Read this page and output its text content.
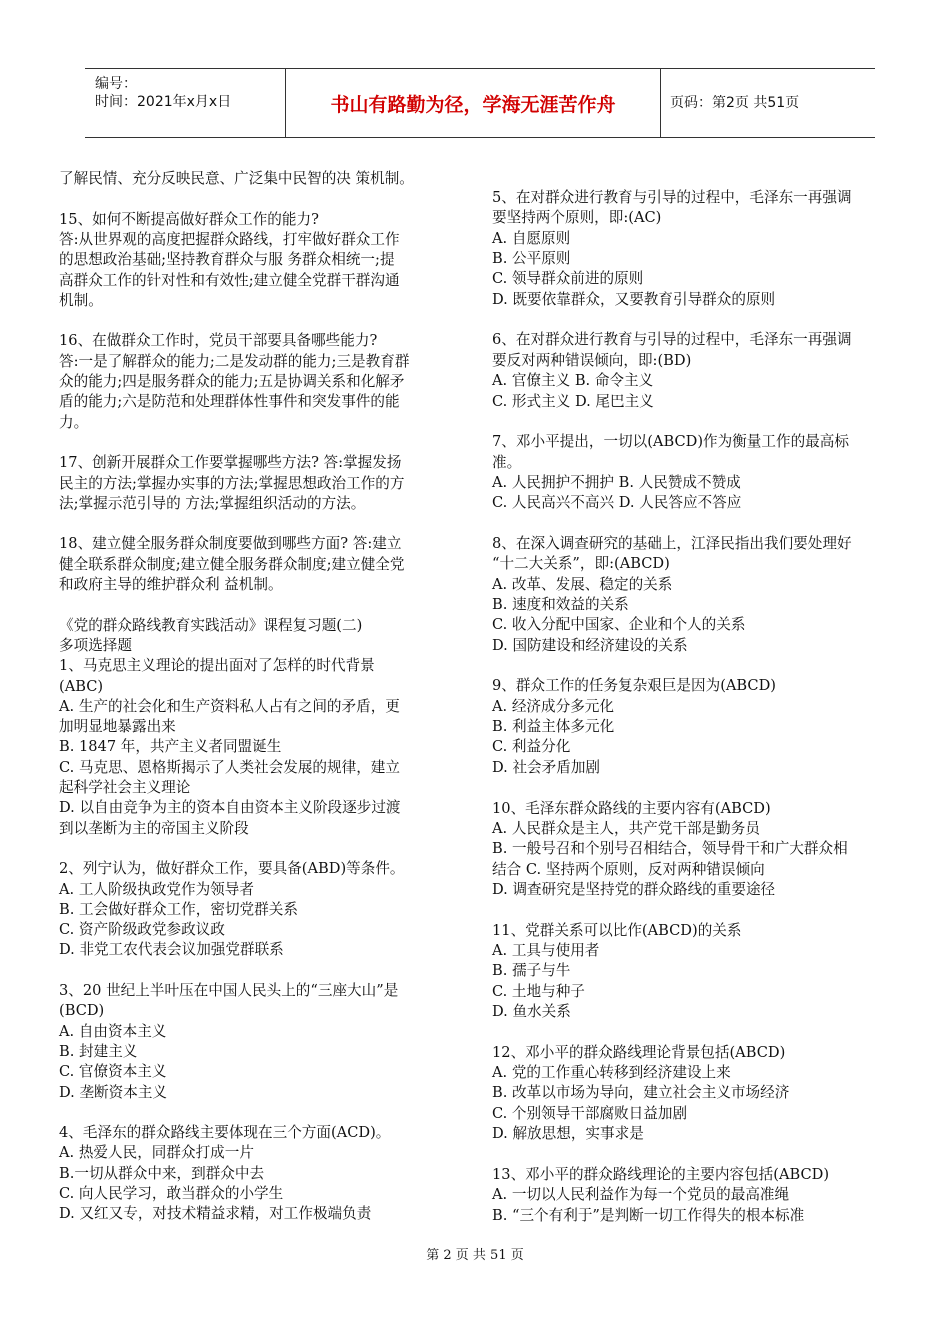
编号：
时间：2021年x月x日	书山有路勤为径，学海无涯苦作舟	页码：第2页 共51页
了解民情、充分反映民意、广泛集中民智的决 策机制。
15、如何不断提高做好群众工作的能力?
答:从世界观的高度把握群众路线，打牢做好群众工作
的思想政治基础;坚持教育群众与服 务群众相统一;提
高群众工作的针对性和有效性;建立健全党群干群沟通
机制。
16、在做群众工作时，党员干部要具备哪些能力?
答:一是了解群众的能力;二是发动群的能力;三是教育群
众的能力;四是服务群众的能力;五是协调关系和化解矛
盾的能力;六是防范和处理群体性事件和突发事件的能
力。
17、创新开展群众工作要掌握哪些方法? 答:掌握发扬
民主的方法;掌握办实事的方法;掌握思想政治工作的方
法;掌握示范引导的 方法;掌握组织活动的方法。
18、建立健全服务群众制度要做到哪些方面? 答:建立
健全联系群众制度;建立健全服务群众制度;建立健全党
和政府主导的维护群众利 益机制。
《党的群众路线教育实践活动》课程复习题(二)
多项选择题
1、马克思主义理论的提出面对了怎样的时代背景
(ABC)
A. 生产的社会化和生产资料私人占有之间的矛盾，更
加明显地暴露出来
B. 1847 年，共产主义者同盟诞生
C. 马克思、恩格斯揭示了人类社会发展的规律，建立
起科学社会主义理论
D. 以自由竞争为主的资本自由资本主义阶段逐步过渡
到以垄断为主的帝国主义阶段
2、列宁认为，做好群众工作，要具备(ABD)等条件。
A. 工人阶级执政党作为领导者
B. 工会做好群众工作，密切党群关系
C. 资产阶级政党参政议政
D. 非党工农代表会议加强党群联系
3、20 世纪上半叶压在中国人民头上的“三座大山”是
(BCD)
A. 自由资本主义
B. 封建主义
C. 官僚资本主义
D. 垄断资本主义
4、毛泽东的群众路线主要体现在三个方面(ACD)。
A. 热爱人民，同群众打成一片
B.一切从群众中来，到群众中去
C. 向人民学习，敢当群众的小学生
D. 又红又专，对技术精益求精，对工作极端负责
5、在对群众进行教育与引导的过程中，毛泽东一再强调
要坚持两个原则，即:(AC)
A. 自愿原则
B. 公平原则
C. 领导群众前进的原则
D. 既要依靠群众，又要教育引导群众的原则
6、在对群众进行教育与引导的过程中，毛泽东一再强调
要反对两种错误倾向，即:(BD)
A. 官僚主义 B. 命令主义
C. 形式主义 D. 尾巴主义
7、邓小平提出，一切以(ABCD)作为衡量工作的最高标
准。
A. 人民拥护不拥护 B. 人民赞成不赞成
C. 人民高兴不高兴 D. 人民答应不答应
8、在深入调查研究的基础上，江泽民指出我们要处理好
“十二大关系”，即:(ABCD)
A. 改革、发展、稳定的关系
B. 速度和效益的关系
C. 收入分配中国家、企业和个人的关系
D. 国防建设和经济建设的关系
9、群众工作的任务复杂艰巨是因为(ABCD)
A. 经济成分多元化
B. 利益主体多元化
C. 利益分化
D. 社会矛盾加剧
10、毛泽东群众路线的主要内容有(ABCD)
A. 人民群众是主人，共产党干部是勤务员
B. 一般号召和个别号召相结合，领导骨干和广大群众相
结合 C. 坚持两个原则，反对两种错误倾向
D. 调查研究是坚持党的群众路线的重要途径
11、党群关系可以比作(ABCD)的关系
A. 工具与使用者
B. 孺子与牛
C. 土地与种子
D. 鱼水关系
12、邓小平的群众路线理论背景包括(ABCD)
A. 党的工作重心转移到经济建设上来
B. 改革以市场为导向，建立社会主义市场经济
C. 个别领导干部腐败日益加剧
D. 解放思想，实事求是
13、邓小平的群众路线理论的主要内容包括(ABCD)
A. 一切以人民利益作为每一个党员的最高准绳
B. “三个有利于”是判断一切工作得失的根本标准
第 2 页 共 51 页
